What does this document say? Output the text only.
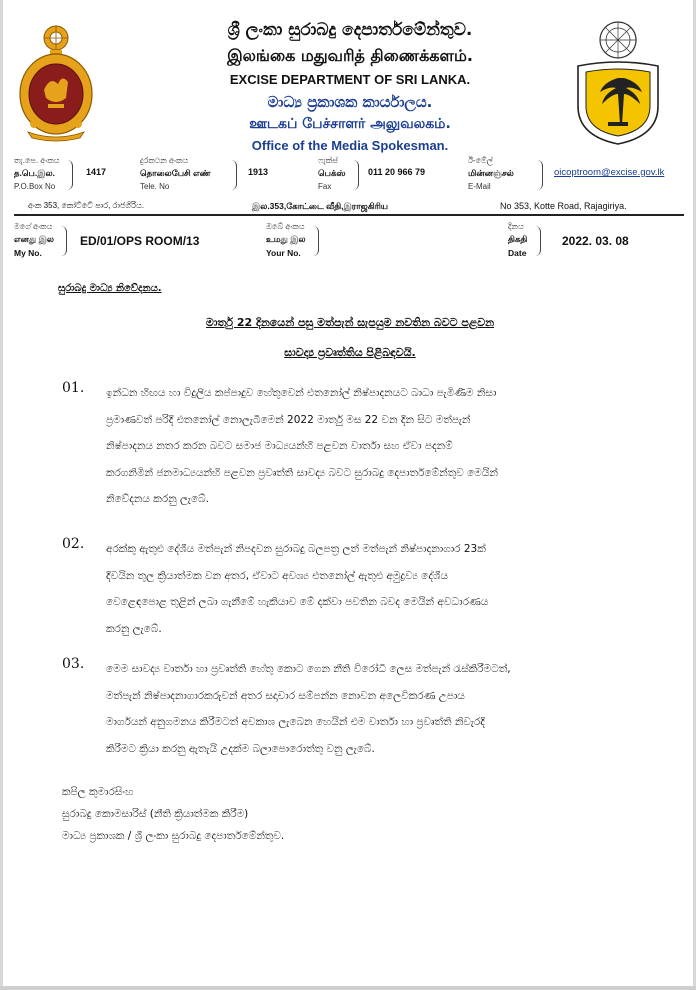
ශ්‍රී ලංකා සුරාබදු දෙපාර්තමේන්තුව.
இலங்கை மதுவரித் திணைக்களம்.
EXCISE DEPARTMENT OF SRI LANKA.
මාධ්‍ය ප්‍රකාශක කාර්යාලය.
ஊடகப் பேச்சாளர் அலுவலகம்.
Office of the Media Spokesman.
තැ.පෙ. අංකය
த.பெ.இல.
P.O.Box No
1417
දුරකථන අංකය
தொலைபேசி எண்
Tele. No
1913
ෆැක්ස්
பெக்ஸ்
Fax
011 20 966 79
ඊ-මේල්
மின்னஞ்சல்
E-Mail
oicoptroom@excise.gov.lk
අංක 353, කෝට්ටේ පාර, රාජගිරිය.	இல.353,கோட்டை வீதி,இராஜகிரிய	No 353, Kotte Road, Rajagiriya.
මගේ අංකය
எனது இல
My No.
ED/01/OPS ROOM/13
ඔබේ අංකය
உமது இல
Your No.
දිනය
திகதி
Date
2022. 03. 08
සුරාබදු මාධ්‍ය නිවේදනය.
මාර්තු 22 දිනයෙන් පසු මත්පැන් සැපයුම නවතින බවට පළවන
සාවද්‍ය ප්‍රවෘත්තිය පිළිබඳවයි.
01. ඉන්ධන හිඟය හා විදුලිය කප්පාදුව හේතුවෙන් එතනෝල් නිෂ්පාදනයට බාධා පැමිණීම නිසා
ප්‍රමාණවත් පරිදි එතනෝල් නොලැබීමෙන් 2022 මාර්තු මස 22 වන දින සිට මත්පැන්
නිෂ්පාදනය නතර කරන බවට සමාජ මාධ්‍යයන්හි පළවන වාර්තා සහ ඒවා පදනම්
කරගනිමින් ජනමාධ්‍යයන්හි පළවන ප්‍රවෘත්ති සාවද්‍ය බවට සුරාබදු දෙපාර්තමේන්තුව මෙයින්
නිවේදනය කරනු ලැබේ.
02. අරක්කු ඇතුළු දේශීය මත්පැන් නිපදවන සුරාබදු බලපත්‍ර ලත් මත්පැන් නිෂ්පාදනාගාර 23ක්
දිවයින තුල ක්‍රියාත්මක වන අතර, ඒවාට අවශ්‍ය එතනෝල් ඇතුළු අමුද්‍රව්‍ය දේශීය
වෙළෙඳපොළ තුළින් ලබා ගැනීමේ හැකියාව මේ දක්වා පවතින බවද මෙයින් අවධාරණය
කරනු ලැබේ.
03. මෙම සාවද්‍ය වාර්තා හා ප්‍රවෘත්ති හේතු කොට ගෙන නීති විරෝධී ලෙස මත්පැන් රැස්කිරීමටත්,
මත්පැන් නිෂ්පාදනාගාරකරුවන් අතර සදාචාර සම්පන්න නොවන අලෙවිකරණ උපාය
මාර්ගයන් අනුගමනය කිරීමටත් අවකාශ ලැබෙන හෙයින් එම වාර්තා හා ප්‍රවෘත්ති නිවැරදි
කිරීමට ක්‍රියා කරනු ඇතැයි උදක්ම බලාපොරොත්තු වනු ලැබේ.
කපිල කුමාරසිංහ
සුරාබදු කොමසාරිස් (නීති ක්‍රියාත්මක කිරීම)
මාධ්‍ය ප්‍රකාශක / ශ්‍රී ලංකා සුරාබදු දෙපාර්තමේන්තුව.
